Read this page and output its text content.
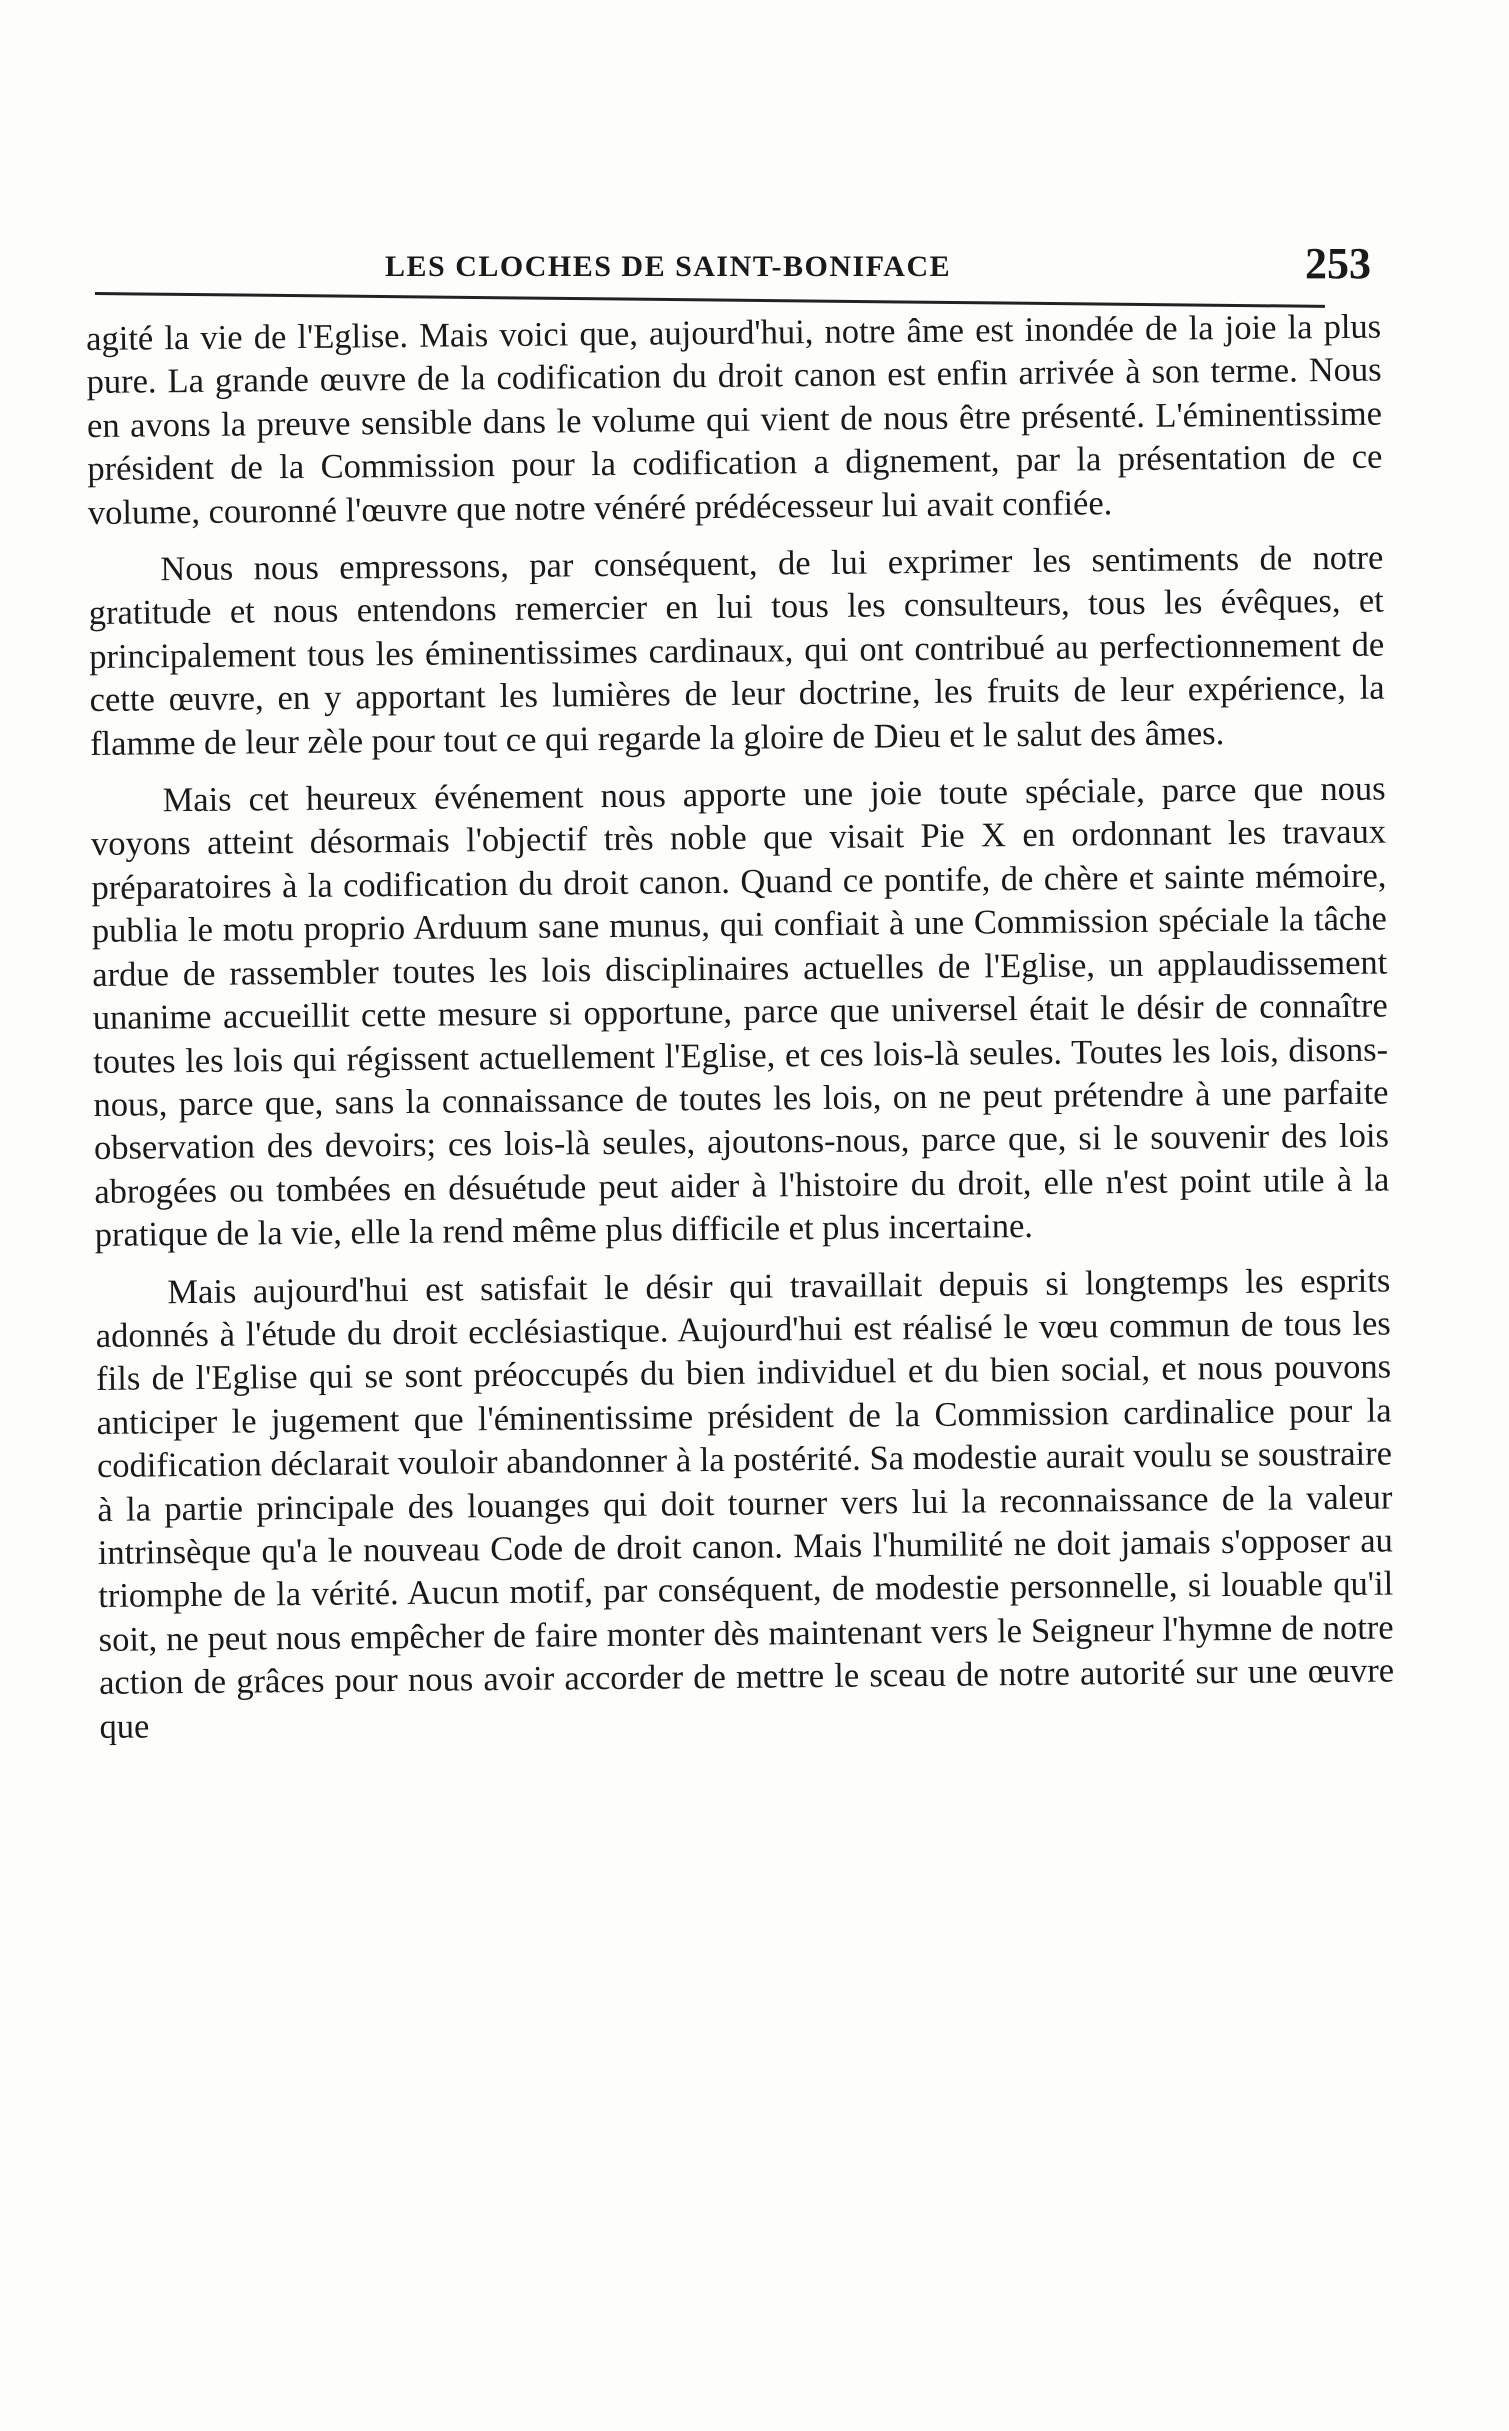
LES CLOCHES DE SAINT-BONIFACE	253

agité la vie de l'Eglise. Mais voici que, aujourd'hui, notre âme est inondée de la joie la plus pure. La grande œuvre de la codification du droit canon est enfin arrivée à son terme. Nous en avons la preuve sensible dans le volume qui vient de nous être présenté. L'éminentissime président de la Commission pour la codification a dignement, par la présentation de ce volume, couronné l'œuvre que notre vénéré prédécesseur lui avait confiée.

Nous nous empressons, par conséquent, de lui exprimer les sentiments de notre gratitude et nous entendons remercier en lui tous les consulteurs, tous les évêques, et principalement tous les éminentissimes cardinaux, qui ont contribué au perfectionnement de cette œuvre, en y apportant les lumières de leur doctrine, les fruits de leur expérience, la flamme de leur zèle pour tout ce qui regarde la gloire de Dieu et le salut des âmes.

Mais cet heureux événement nous apporte une joie toute spéciale, parce que nous voyons atteint désormais l'objectif très noble que visait Pie X en ordonnant les travaux préparatoires à la codification du droit canon. Quand ce pontife, de chère et sainte mémoire, publia le motu proprio Arduum sane munus, qui confiait à une Commission spéciale la tâche ardue de rassembler toutes les lois disciplinaires actuelles de l'Eglise, un applaudissement unanime accueillit cette mesure si opportune, parce que universel était le désir de connaître toutes les lois qui régissent actuellement l'Eglise, et ces lois-là seules. Toutes les lois, disons-nous, parce que, sans la connaissance de toutes les lois, on ne peut prétendre à une parfaite observation des devoirs; ces lois-là seules, ajoutons-nous, parce que, si le souvenir des lois abrogées ou tombées en désuétude peut aider à l'histoire du droit, elle n'est point utile à la pratique de la vie, elle la rend même plus difficile et plus incertaine.

Mais aujourd'hui est satisfait le désir qui travaillait depuis si longtemps les esprits adonnés à l'étude du droit ecclésiastique. Aujourd'hui est réalisé le vœu commun de tous les fils de l'Eglise qui se sont préoccupés du bien individuel et du bien social, et nous pouvons anticiper le jugement que l'éminentissime président de la Commission cardinalice pour la codification déclarait vouloir abandonner à la postérité. Sa modestie aurait voulu se soustraire à la partie principale des louanges qui doit tourner vers lui la reconnaissance de la valeur intrinsèque qu'a le nouveau Code de droit canon. Mais l'humilité ne doit jamais s'opposer au triomphe de la vérité. Aucun motif, par conséquent, de modestie personnelle, si louable qu'il soit, ne peut nous empêcher de faire monter dès maintenant vers le Seigneur l'hymne de notre action de grâces pour nous avoir accorder de mettre le sceau de notre autorité sur une œuvre que
